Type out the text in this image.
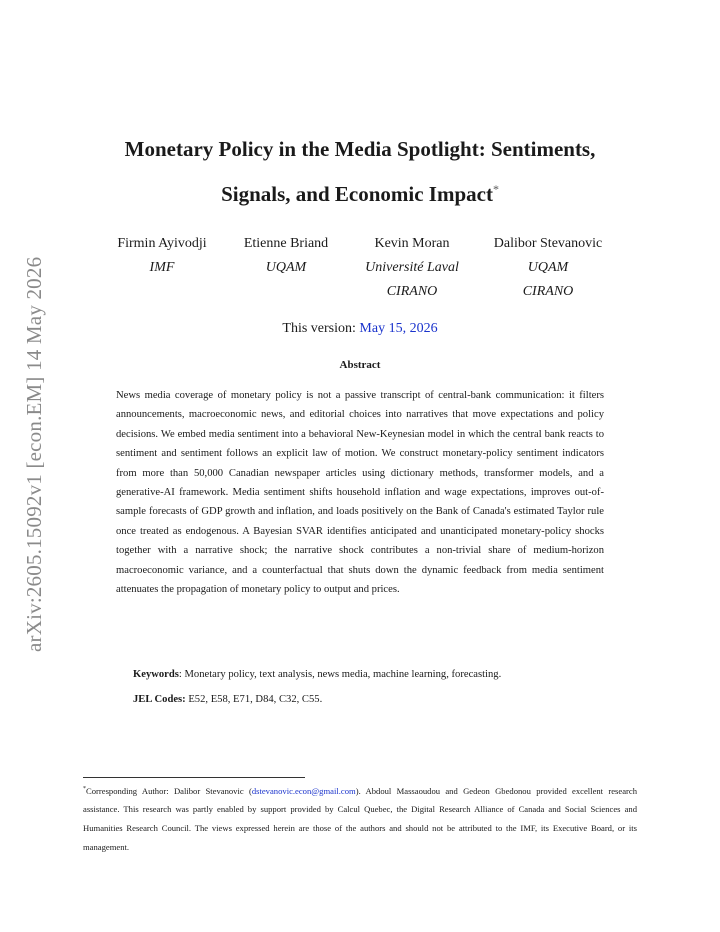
arXiv:2605.15092v1 [econ.EM] 14 May 2026
Monetary Policy in the Media Spotlight: Sentiments,
Signals, and Economic Impact*
Firmin Ayivodji
IMF
Etienne Briand
UQAM
Kevin Moran
Université Laval
CIRANO
Dalibor Stevanovic
UQAM
CIRANO
This version: May 15, 2026
Abstract
News media coverage of monetary policy is not a passive transcript of central-bank communication: it filters announcements, macroeconomic news, and editorial choices into narratives that move expectations and policy decisions. We embed media sentiment into a behavioral New-Keynesian model in which the central bank reacts to sentiment and sentiment follows an explicit law of motion. We construct monetary-policy sentiment indicators from more than 50,000 Canadian newspaper articles using dictionary methods, transformer models, and a generative-AI framework. Media sentiment shifts household inflation and wage expectations, improves out-of-sample forecasts of GDP growth and inflation, and loads positively on the Bank of Canada's estimated Taylor rule once treated as endogenous. A Bayesian SVAR identifies anticipated and unanticipated monetary-policy shocks together with a narrative shock; the narrative shock contributes a non-trivial share of medium-horizon macroeconomic variance, and a counterfactual that shuts down the dynamic feedback from media sentiment attenuates the propagation of monetary policy to output and prices.
Keywords: Monetary policy, text analysis, news media, machine learning, forecasting.
JEL Codes: E52, E58, E71, D84, C32, C55.
*Corresponding Author: Dalibor Stevanovic (dstevanovic.econ@gmail.com). Abdoul Massaoudou and Gedeon Gbedonou provided excellent research assistance. This research was partly enabled by support provided by Calcul Quebec, the Digital Research Alliance of Canada and Social Sciences and Humanities Research Council. The views expressed herein are those of the authors and should not be attributed to the IMF, its Executive Board, or its management.
